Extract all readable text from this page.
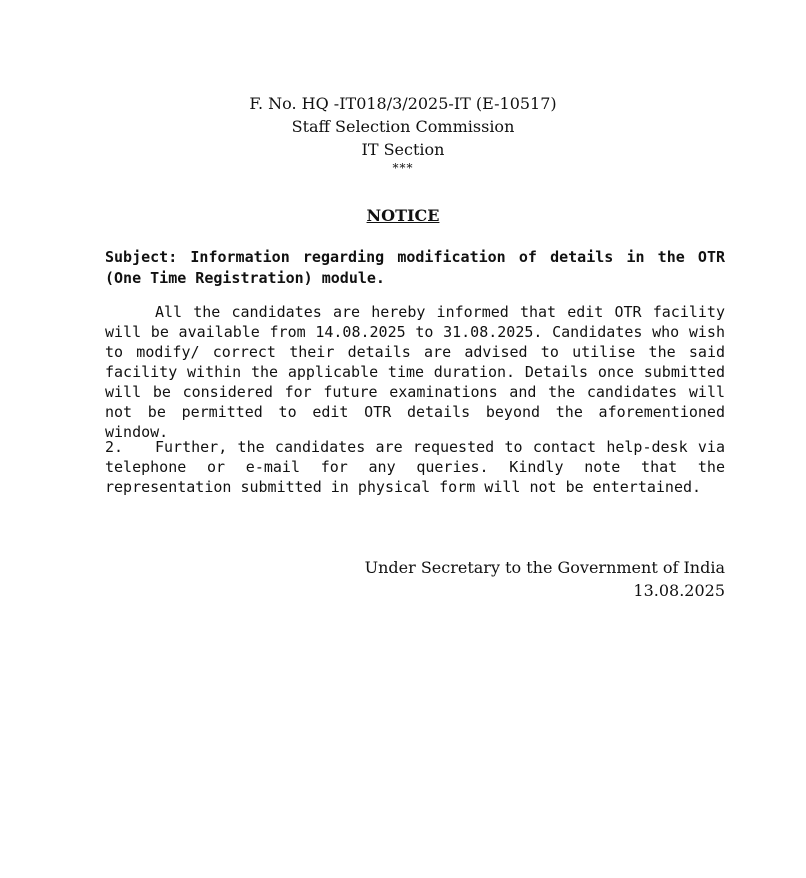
F. No. HQ -IT018/3/2025-IT (E-10517)
Staff Selection Commission
IT Section
***
NOTICE
Subject: Information regarding modification of details in the OTR (One Time Registration) module.
All the candidates are hereby informed that edit OTR facility will be available from 14.08.2025 to 31.08.2025. Candidates who wish to modify/ correct their details are advised to utilise the said facility within the applicable time duration. Details once submitted will be considered for future examinations and the candidates will not be permitted to edit OTR details beyond the aforementioned window.
2. Further, the candidates are requested to contact help-desk via telephone or e-mail for any queries. Kindly note that the representation submitted in physical form will not be entertained.
Under Secretary to the Government of India
13.08.2025
